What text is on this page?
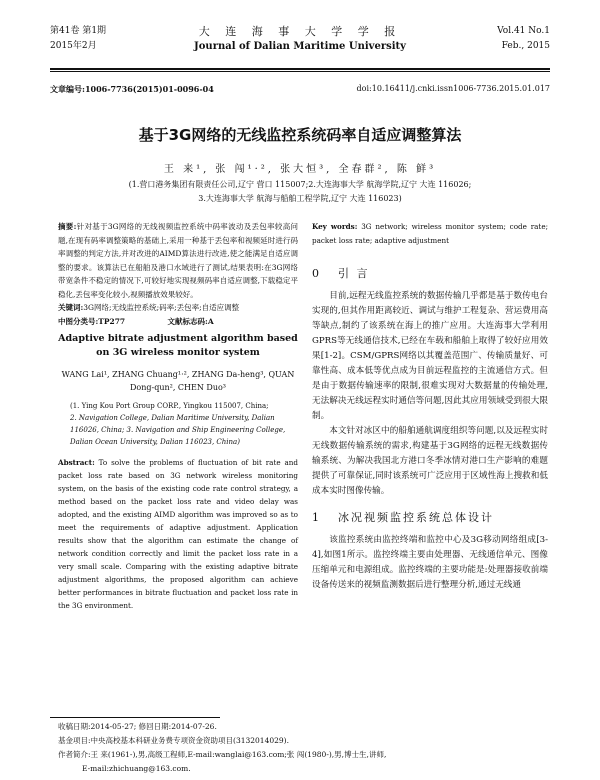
第41卷 第1期
2015年2月
大 连 海 事 大 学 学 报
Journal of Dalian Maritime University
Vol.41 No.1
Feb., 2015
文章编号:1006-7736(2015)01-0096-04	doi:10.16411/j.cnki.issn1006-7736.2015.01.017
基于3G网络的无线监控系统码率自适应调整算法
王 来¹, 张 闯¹·², 张大恒³, 全春群², 陈 鲜³
(1.营口港务集团有限责任公司,辽宁 营口 115007;2.大连海事大学 航海学院,辽宁 大连 116026;
3.大连海事大学 航海与船舶工程学院,辽宁 大连 116023)

摘要:针对基于3G网络的无线视频监控系统中码率波动及丢包率较高问题,在现有码率调整策略的基础上,采用一种基于丢包率和视频延时进行码率调整的判定方法,并对改进的AIMD算法进行改进,使之能满足自适应调整的要求。该算法已在船舶及港口水域进行了测试,结果表明:在3G网络带宽条件不稳定的情况下,可较好地实现视频码率自适应调整,下载稳定平稳化,丢包率变化较小,视频播放效果较好。

关键词:3G网络;无线监控系统;码率;丢包率;自适应调整

中图分类号:TP277	文献标志码:A

Adaptive bitrate adjustment algorithm based on 3G wireless monitor system
WANG Lai¹, ZHANG Chuang¹·², ZHANG Da-heng³, QUAN Dong-qun², CHEN Duo³
(1. Ying Kou Port Group CORP., Yingkou 115007, China;
2. Navigation College, Dalian Maritime University, Dalian 116026, China; 3. Navigation and Ship Engineering College, Dalian Ocean University, Dalian 116023, China)

Abstract: To solve the problems of fluctuation of bit rate and packet loss rate based on 3G network wireless monitoring system, on the basis of the existing code rate control strategy, a method based on the packet loss rate and video delay was adopted, and the existing AIMD algorithm was improved so as to meet the requirements of adaptive adjustment. Application results show that the algorithm can estimate the change of network condition correctly and limit the packet loss rate in a very small scale. Comparing with the existing adaptive bitrate adjustment algorithms, the proposed algorithm can achieve better performances in bitrate fluctuation and packet loss rate in the 3G environment.

Key words: 3G network; wireless monitor system; code rate; packet loss rate; adaptive adjustment

0 引 言

目前,远程无线监控系统的数据传输几乎都是基于数传电台实现的,但其作用距离较近、调试与维护工程复杂、营运费用高等缺点,制约了该系统在海上的推广应用。大连海事大学利用GPRS等无线通信技术,已经在车载和船舶上取得了较好应用效果[1-2]。CSM/GPRS网络以其覆盖范围广、传输质量好、可靠性高、成本低等优点成为目前远程监控的主流通信方式。但是由于数据传输速率的限制,很难实现对大数据量的传输处理,无法解决无线远程实时通信等问题,因此其应用领域受到很大限制。

本文针对冰区中的船舶通航调度组织等问题,以及远程实时无线数据传输系统的需求,构建基于3G网络的远程无线数据传输系统、为解决我国北方港口冬季冰情对港口生产影响的难题提供了可靠保证,同时该系统可广泛应用于区域性海上搜救和低成本实时图像传输。

1 冰况视频监控系统总体设计

该监控系统由监控终端和监控中心及3G移动网络组成[3-4],如图1所示。监控终端主要由处理器、无线通信单元、图像压缩单元和电源组成。监控终端的主要功能是:处理器接收前端设备传送来的视频监测数据后进行整理分析,通过无线通

收稿日期:2014-05-27; 修回日期:2014-07-26.
基金项目:中央高校基本科研业务费专项资金资助项目(3132014029).
作者简介:王 来(1961-),男,高级工程师,E-mail:wanglai@163.com;张 闯(1980-),男,博士生,讲师,
E-mail:zhichuang@163.com.
